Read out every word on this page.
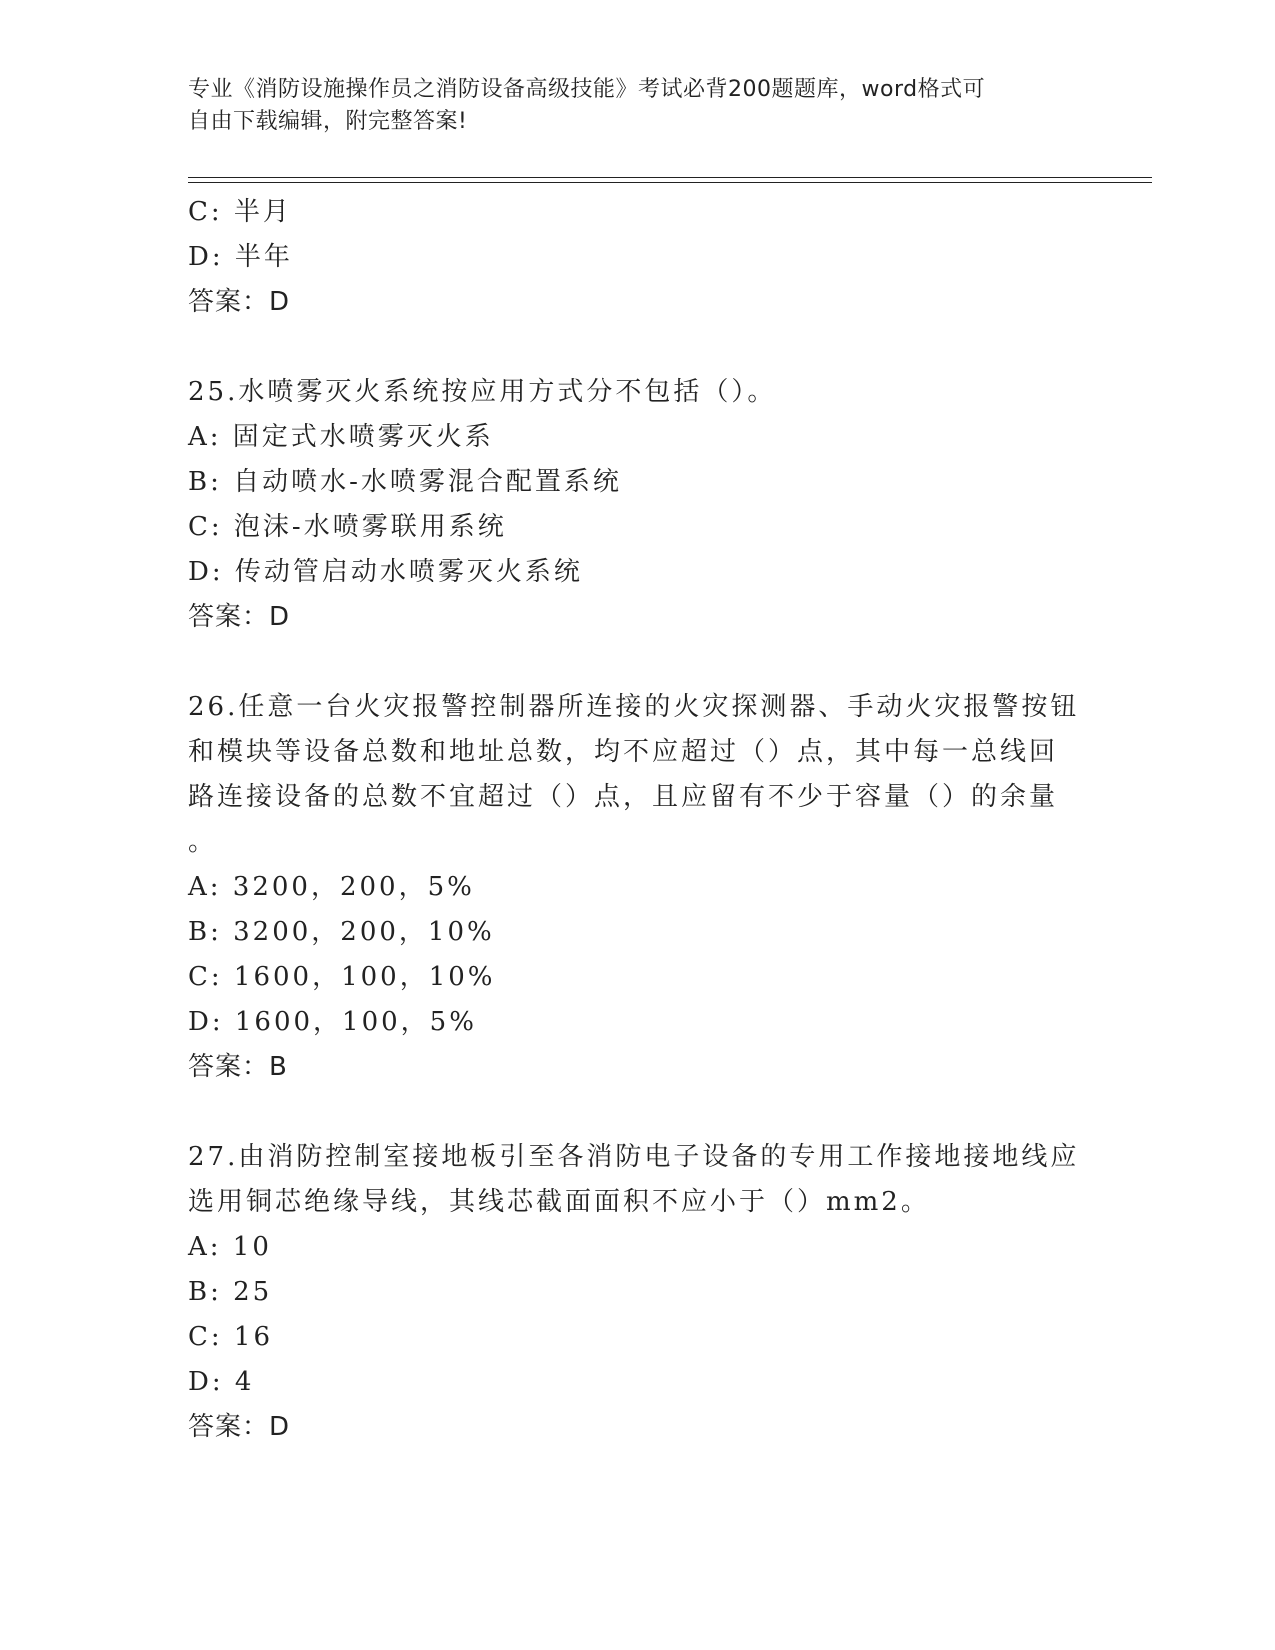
专业《消防设施操作员之消防设备高级技能》考试必背200题题库，word格式可
自由下载编辑，附完整答案!
C: 半月
D: 半年
答案：D
25.水喷雾灭火系统按应用方式分不包括（）。
A: 固定式水喷雾灭火系
B: 自动喷水-水喷雾混合配置系统
C: 泡沫-水喷雾联用系统
D: 传动管启动水喷雾灭火系统
答案：D
26.任意一台火灾报警控制器所连接的火灾探测器、手动火灾报警按钮
和模块等设备总数和地址总数，均不应超过（）点，其中每一总线回
路连接设备的总数不宜超过（）点，且应留有不少于容量（）的余量
。
A: 3200，200，5%
B: 3200，200，10%
C: 1600，100，10%
D: 1600，100，5%
答案：B
27.由消防控制室接地板引至各消防电子设备的专用工作接地接地线应
选用铜芯绝缘导线，其线芯截面面积不应小于（）mm2。
A: 10
B: 25
C: 16
D: 4
答案：D
